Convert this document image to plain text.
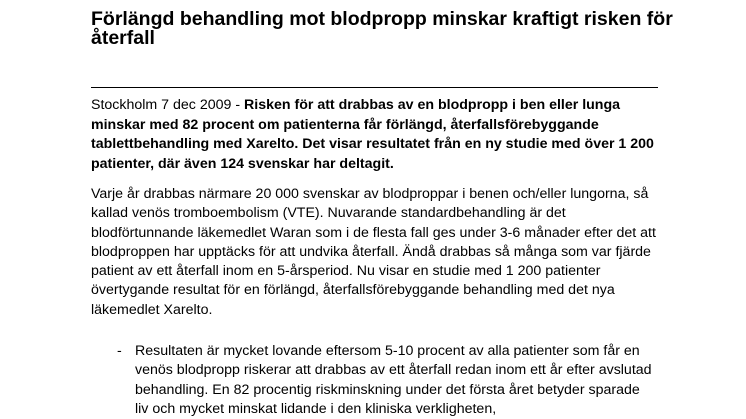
Förlängd behandling mot blodpropp minskar kraftigt risken för återfall

Stockholm 7 dec 2009 - Risken för att drabbas av en blodpropp i ben eller lunga minskar med 82 procent om patienterna får förlängd, återfallsförebyggande tablettbehandling med Xarelto. Det visar resultatet från en ny studie med över 1 200 patienter, där även 124 svenskar har deltagit.

Varje år drabbas närmare 20 000 svenskar av blodproppar i benen och/eller lungorna, så kallad venös tromboembolism (VTE). Nuvarande standardbehandling är det blodförtunnande läkemedlet Waran som i de flesta fall ges under 3-6 månader efter det att blodproppen har upptäcks för att undvika återfall. Ändå drabbas så många som var fjärde patient av ett återfall inom en 5-årsperiod. Nu visar en studie med 1 200 patienter övertygande resultat för en förlängd, återfallsförebyggande behandling med det nya läkemedlet Xarelto.

- Resultaten är mycket lovande eftersom 5-10 procent av alla patienter som får en venös blodpropp riskerar att drabbas av ett återfall redan inom ett år efter avslutad behandling. En 82 procentig riskminskning under det första året betyder sparade liv och mycket minskat lidande i den kliniska verkligheten,
